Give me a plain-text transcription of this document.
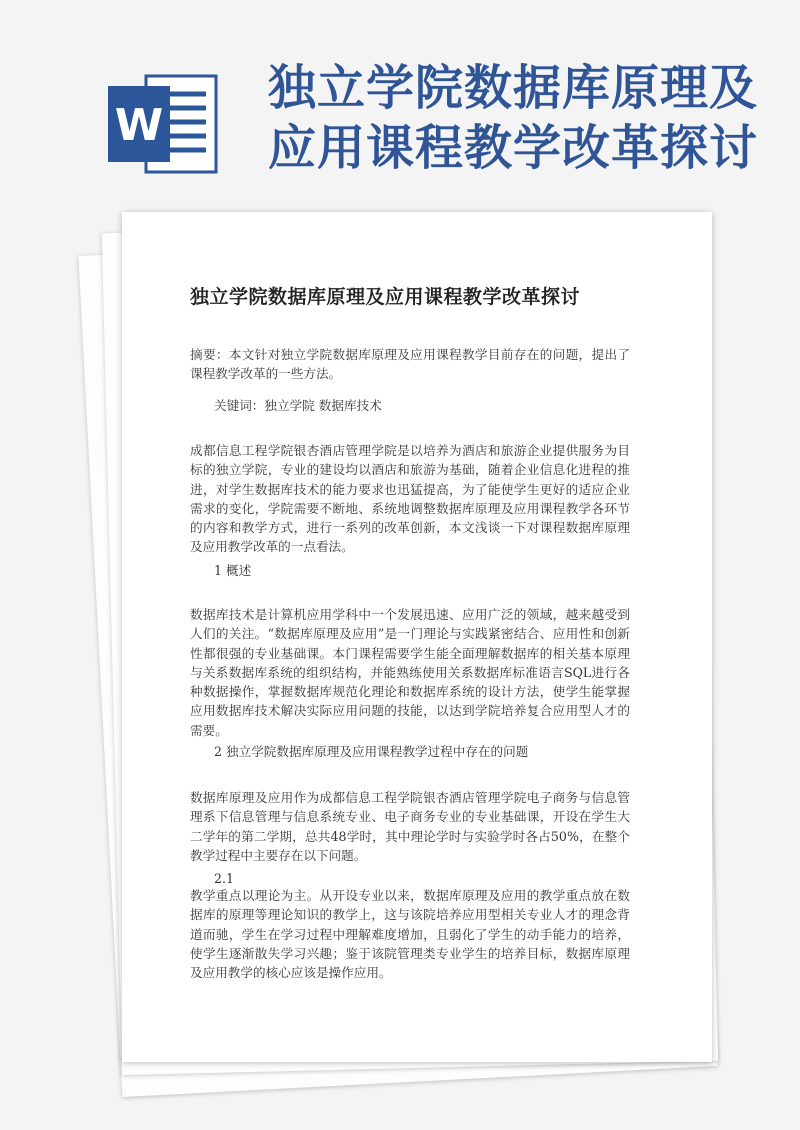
W
独立学院数据库原理及应用课程教学改革探讨
独立学院数据库原理及应用课程教学改革探讨

摘要：本文针对独立学院数据库原理及应用课程教学目前存在的问题，提出了课程教学改革的一些方法。

关键词：独立学院 数据库技术

成都信息工程学院银杏酒店管理学院是以培养为酒店和旅游企业提供服务为目标的独立学院，专业的建设均以酒店和旅游为基础，随着企业信息化进程的推进，对学生数据库技术的能力要求也迅猛提高，为了能使学生更好的适应企业需求的变化，学院需要不断地、系统地调整数据库原理及应用课程教学各环节的内容和教学方式，进行一系列的改革创新，本文浅谈一下对课程数据库原理及应用教学改革的一点看法。

1 概述

数据库技术是计算机应用学科中一个发展迅速、应用广泛的领域，越来越受到人们的关注。“数据库原理及应用”是一门理论与实践紧密结合、应用性和创新性都很强的专业基础课。本门课程需要学生能全面理解数据库的相关基本原理与关系数据库系统的组织结构，并能熟练使用关系数据库标准语言SQL进行各种数据操作，掌握数据库规范化理论和数据库系统的设计方法，使学生能掌握应用数据库技术解决实际应用问题的技能，以达到学院培养复合应用型人才的需要。

2 独立学院数据库原理及应用课程教学过程中存在的问题

数据库原理及应用作为成都信息工程学院银杏酒店管理学院电子商务与信息管理系下信息管理与信息系统专业、电子商务专业的专业基础课，开设在学生大二学年的第二学期，总共48学时，其中理论学时与实验学时各占50%，在整个教学过程中主要存在以下问题。

2.1

教学重点以理论为主。从开设专业以来，数据库原理及应用的教学重点放在数据库的原理等理论知识的教学上，这与该院培养应用型相关专业人才的理念背道而驰，学生在学习过程中理解难度增加，且弱化了学生的动手能力的培养，使学生逐渐散失学习兴趣；鉴于该院管理类专业学生的培养目标，数据库原理及应用教学的核心应该是操作应用。
